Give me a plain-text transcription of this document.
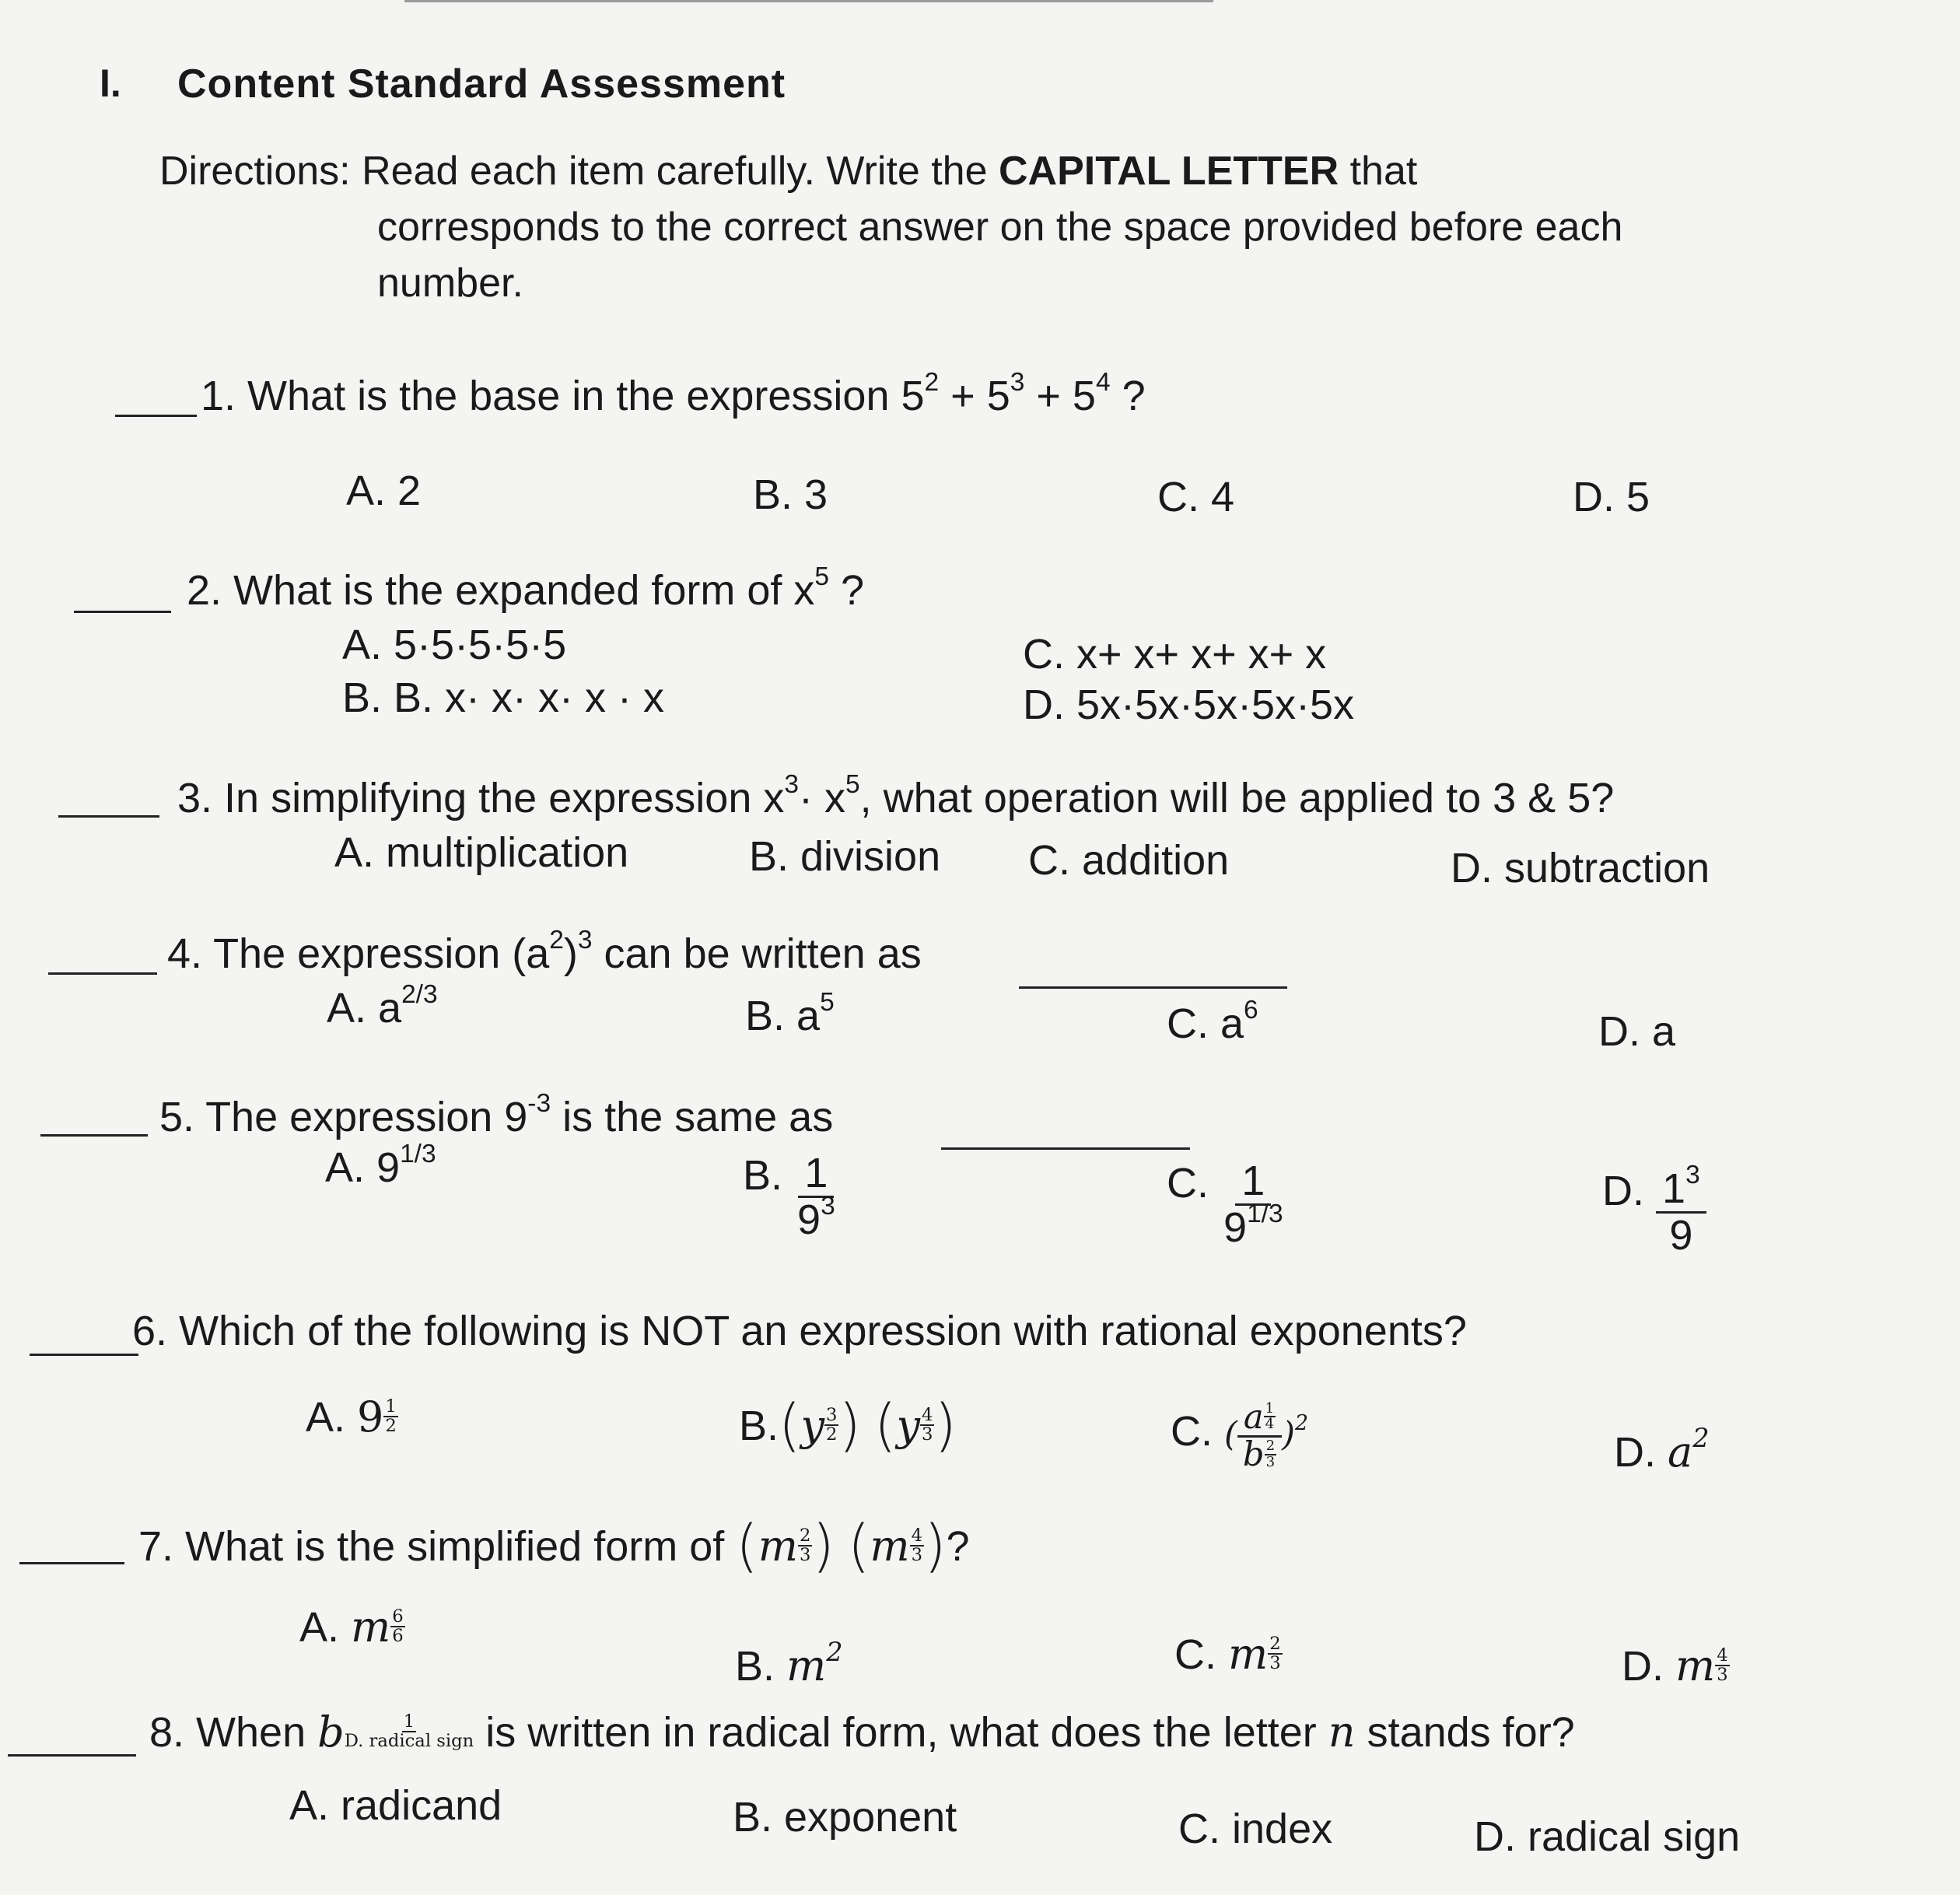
I. Content Standard Assessment
Directions: Read each item carefully. Write the CAPITAL LETTER that
corresponds to the correct answer on the space provided before each
number.
1. What is the base in the expression $5^2 + 5^3 + 5^4$ ?
A. 2	B. 3	C. 4	D. 5
2. What is the expanded form of $x^5$ ?
A. 5·5·5·5·5
B. B. x· x· x· x · x
C. x+ x+ x+ x+ x
D. 5x·5x·5x·5x·5x
3. In simplifying the expression $x^3\cdot x^5$, what operation will be applied to 3 & 5?
A. multiplication	B. division C. addition	D. subtraction
4. The expression $(a^2)^3$ can be written as
A. $a^{2/3}$	B. $a^5$	C. $a^6$	D. a
5. The expression $9^{-3}$ is the same as
A. $9^{1/3}$	B. $\frac{1}{9^3}$	C. $\frac{1}{9^{1/3}}$	D. $\frac{1^3}{9}$
6. Which of the following is NOT an expression with rational exponents?
A. $9 \frac{1}{2}$	$B.(y \frac{3}{2}$ ) ($y \frac{4}{3}$ )	C. ( $\frac{a \frac{1}{4}}{b \frac{2}{3}} )^2$
D. $a^2$
7. What is the simplified form of ($m \frac{2}{3}$ ) ($m \frac{4}{3}$ )?
A. m $\frac{6}{6}$
B. $m^2$	C. m $\frac{2}{3}$	D. m $\frac{4}{3}$
8. When b	1
D. radical sign is written in radical form, what does the letter n stands for?
A. radicand	B. exponent	C. index	D. radical sign
